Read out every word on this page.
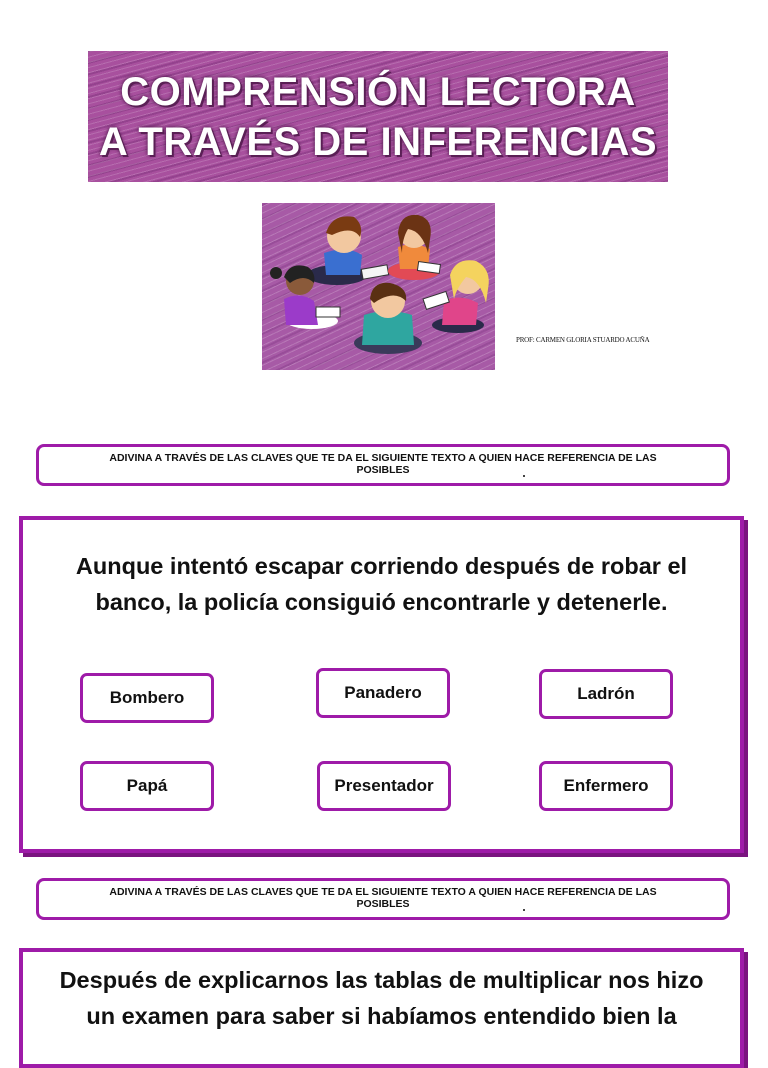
COMPRENSIÓN LECTORA
A TRAVÉS DE INFERENCIAS
PROF: CARMEN GLORIA STUARDO ACUÑA
ADIVINA A TRAVÉS DE LAS CLAVES QUE TE DA EL SIGUIENTE TEXTO A QUIEN HACE REFERENCIA DE LAS
POSIBLES
Aunque intentó escapar corriendo después de robar el
banco, la policía consiguió encontrarle y detenerle.
Bombero	Panadero	Ladrón
Papá	Presentador	Enfermero
ADIVINA A TRAVÉS DE LAS CLAVES QUE TE DA EL SIGUIENTE TEXTO A QUIEN HACE REFERENCIA DE LAS
POSIBLES
Después de explicarnos las tablas de multiplicar nos hizo
un examen para saber si habíamos entendido bien la
